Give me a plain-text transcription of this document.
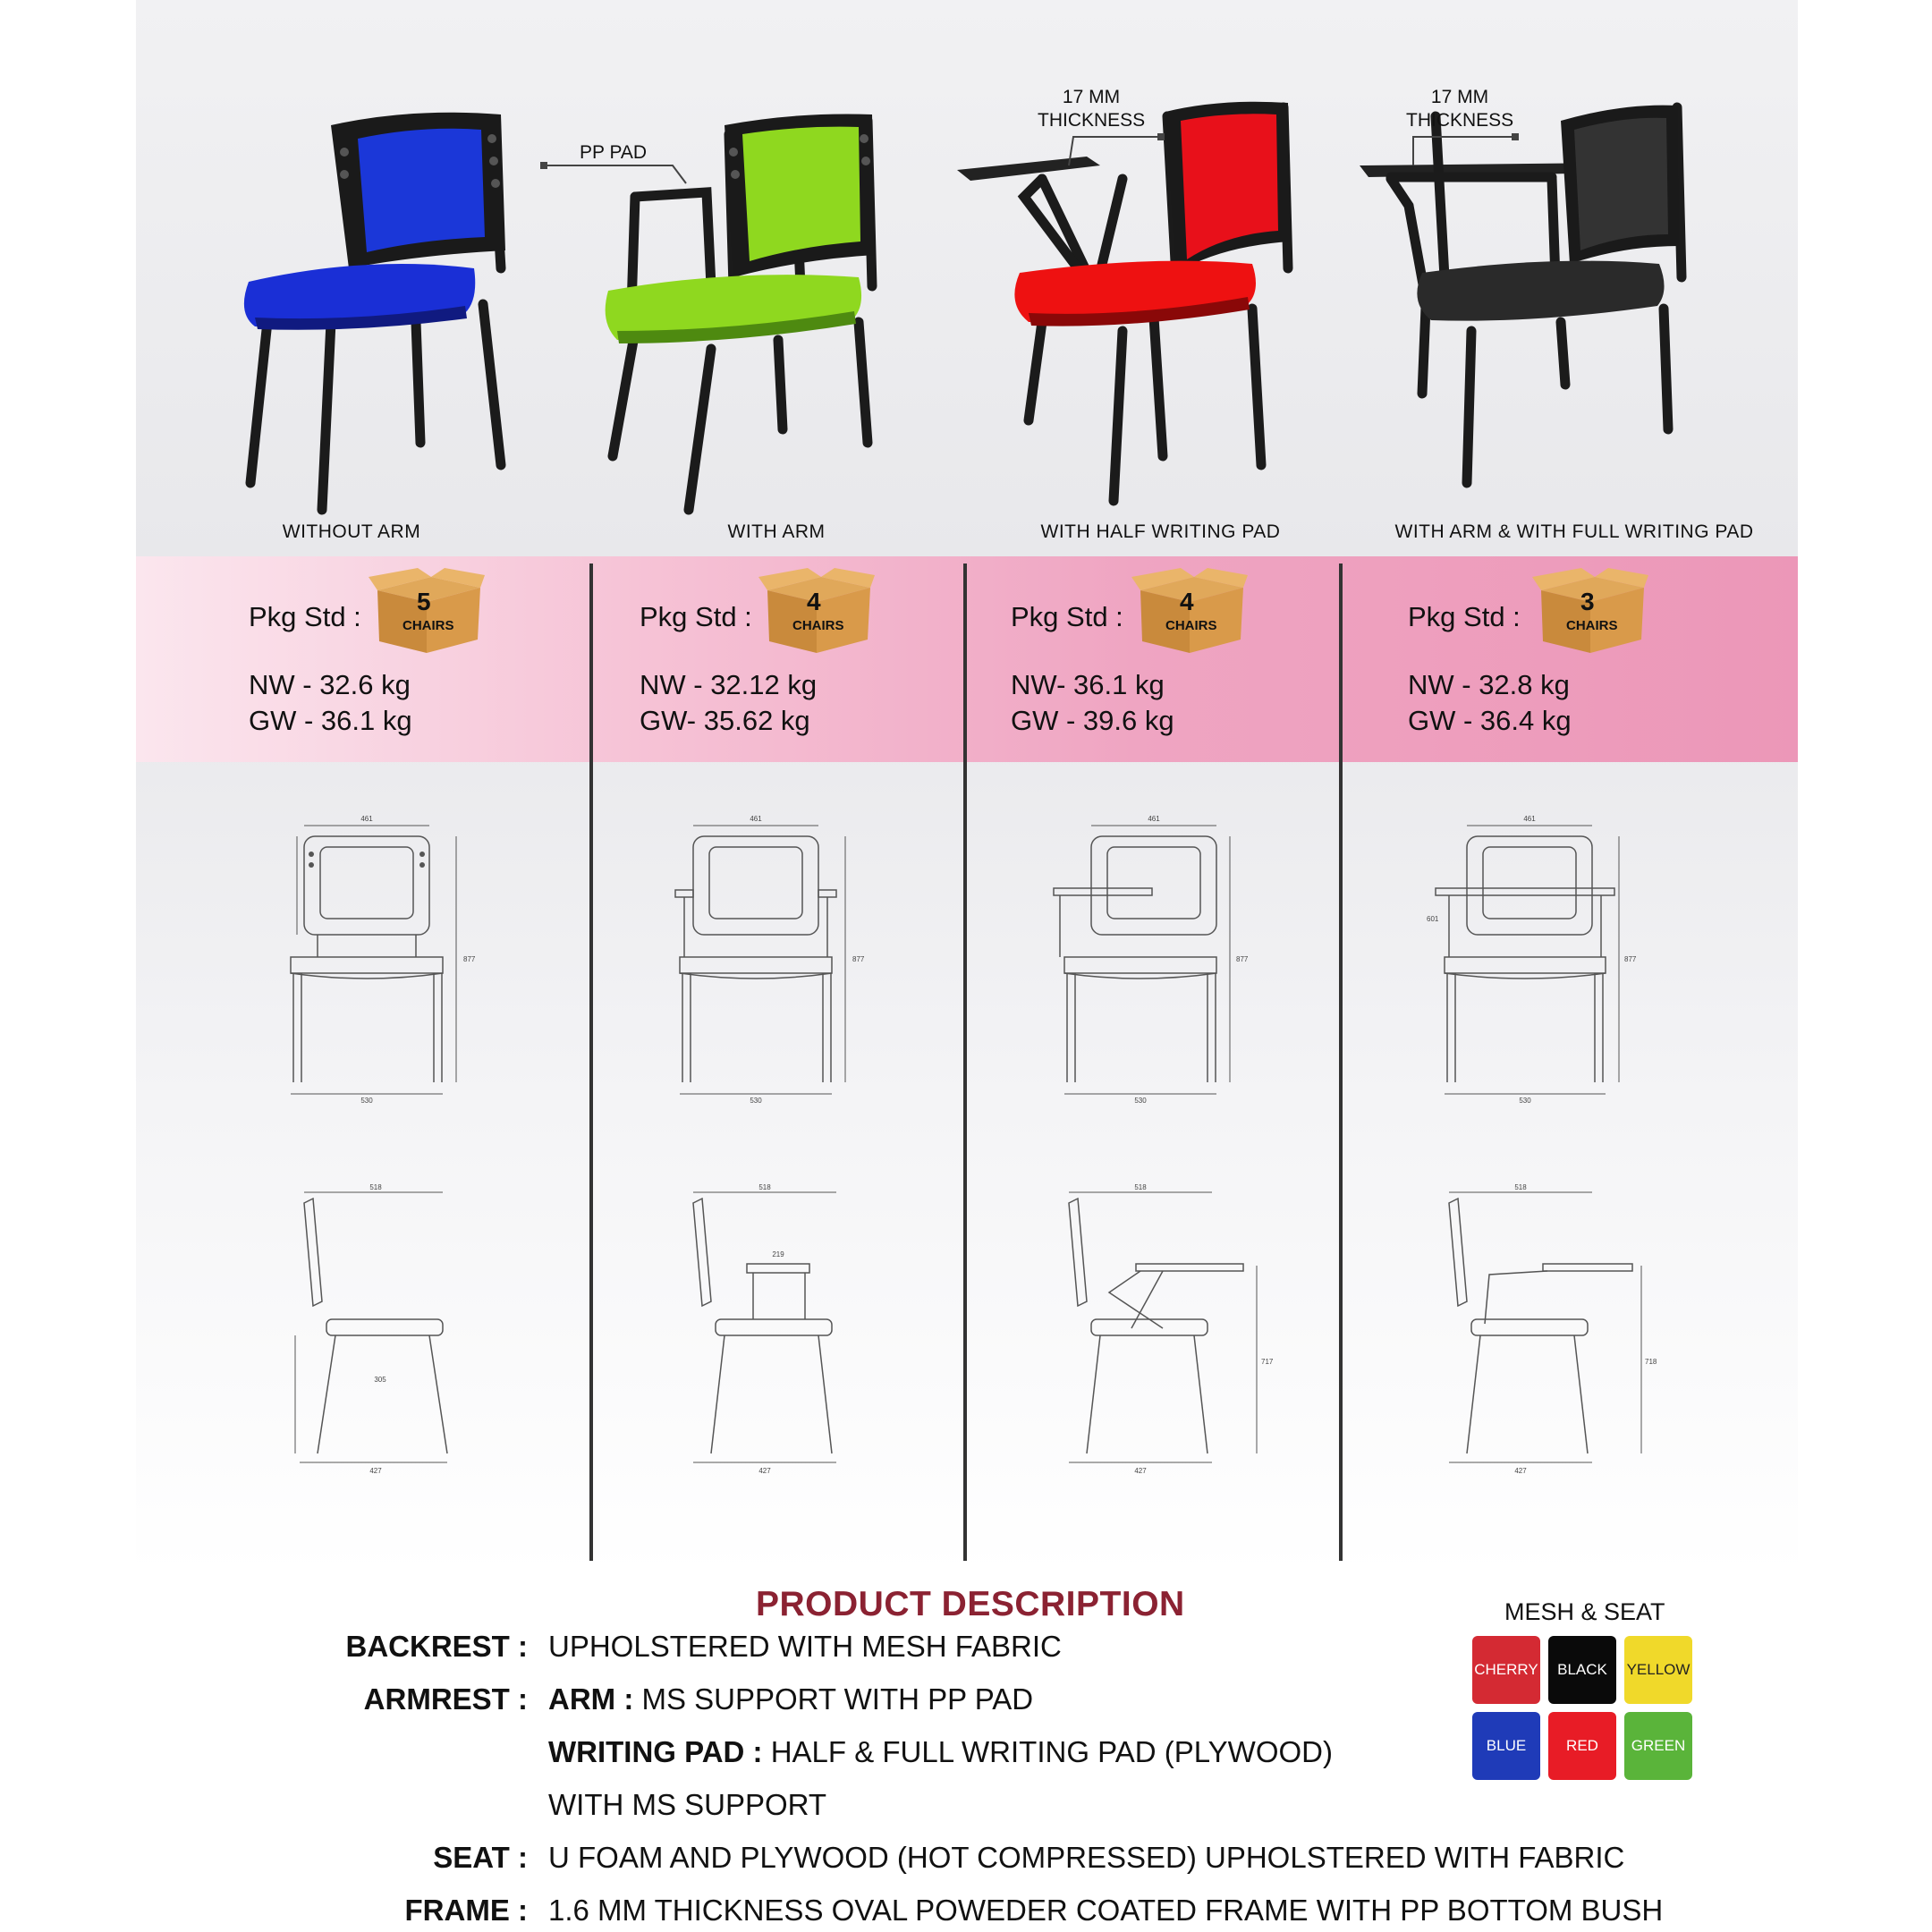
PP PAD
17 MM
THICKNESS
17 MM
THICKNESS
WITHOUT ARM	WITH ARM	WITH HALF WRITING PAD	WITH ARM & WITH FULL WRITING PAD
Pkg Std :	Pkg Std :	Pkg Std :	Pkg Std :
5
CHAIRS
4
CHAIRS
4
CHAIRS
3
CHAIRS
NW - 32.6 kg
GW - 36.1 kg
NW - 32.12 kg
GW- 35.62 kg
NW- 36.1 kg
GW - 39.6 kg
NW - 32.8 kg
GW - 36.4 kg
461
530
877
461
530
877
461
530
877
461
530
877
601
518
427
305
518
219
427
518
427
717
518
427
718
PRODUCT DESCRIPTION
BACKREST : UPHOLSTERED WITH MESH FABRIC
ARMREST : ARM : MS SUPPORT WITH PP PAD
WRITING PAD : HALF & FULL WRITING PAD (PLYWOOD)
WITH MS SUPPORT
SEAT : U FOAM AND PLYWOOD (HOT COMPRESSED) UPHOLSTERED WITH FABRIC
FRAME : 1.6 MM THICKNESS OVAL POWEDER COATED FRAME WITH PP BOTTOM BUSH
MESH & SEAT
CHERRY	BLACK	YELLOW
BLUE	RED	GREEN
